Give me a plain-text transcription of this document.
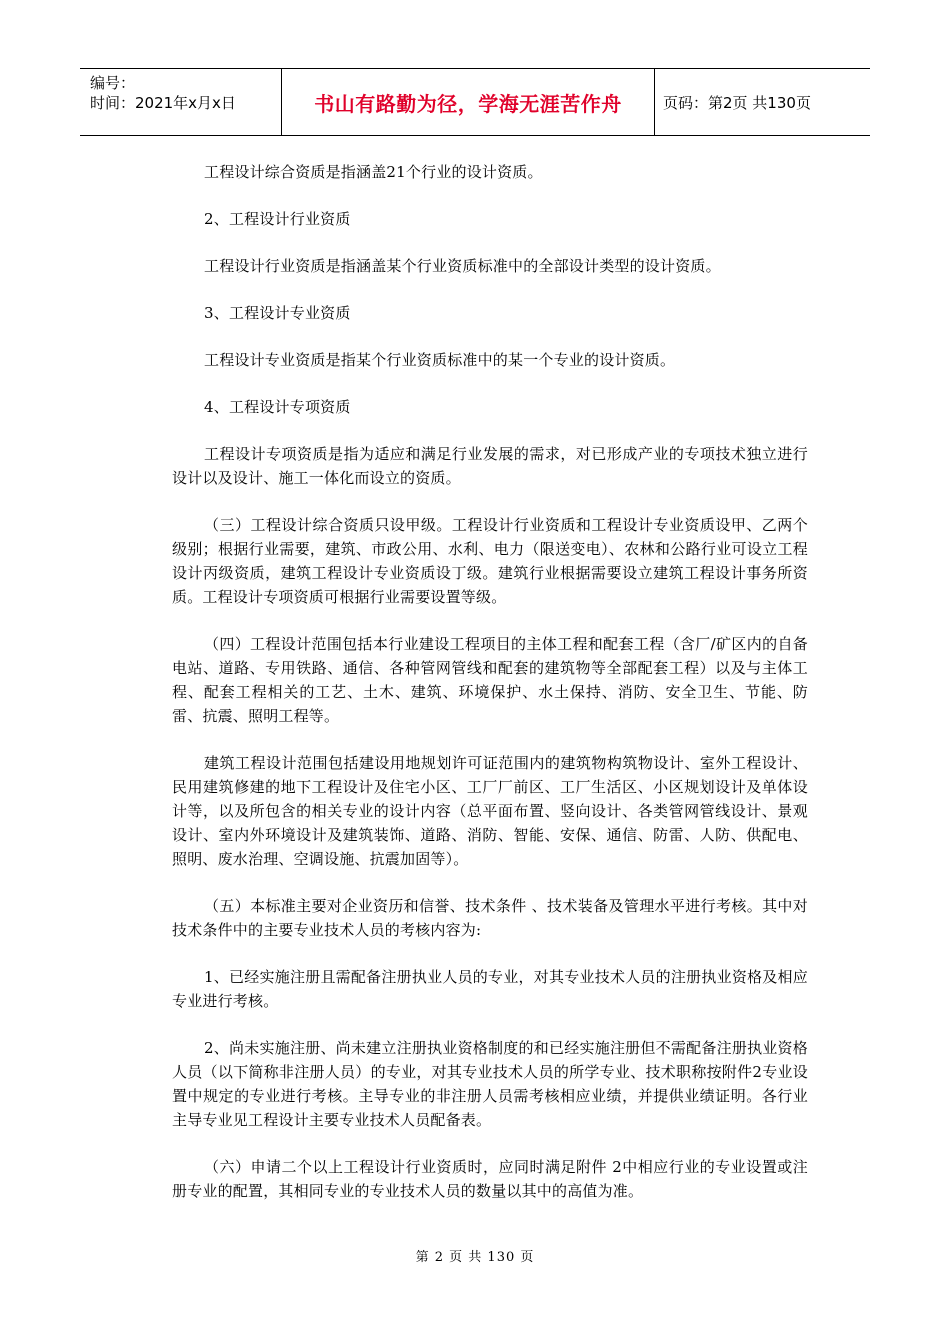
编号：
时间：2021年x月x日	书山有路勤为径，学海无涯苦作舟	页码：第2页 共130页

工程设计综合资质是指涵盖21个行业的设计资质。

2、工程设计行业资质

工程设计行业资质是指涵盖某个行业资质标准中的全部设计类型的设计资质。

3、工程设计专业资质

工程设计专业资质是指某个行业资质标准中的某一个专业的设计资质。

4、工程设计专项资质

工程设计专项资质是指为适应和满足行业发展的需求，对已形成产业的专项技术独立进行设计以及设计、施工一体化而设立的资质。

（三）工程设计综合资质只设甲级。工程设计行业资质和工程设计专业资质设甲、乙两个级别；根据行业需要，建筑、市政公用、水利、电力（限送变电）、农林和公路行业可设立工程设计丙级资质，建筑工程设计专业资质设丁级。建筑行业根据需要设立建筑工程设计事务所资质。工程设计专项资质可根据行业需要设置等级。

（四）工程设计范围包括本行业建设工程项目的主体工程和配套工程（含厂/矿区内的自备电站、道路、专用铁路、通信、各种管网管线和配套的建筑物等全部配套工程）以及与主体工程、配套工程相关的工艺、土木、建筑、环境保护、水土保持、消防、安全卫生、节能、防雷、抗震、照明工程等。

建筑工程设计范围包括建设用地规划许可证范围内的建筑物构筑物设计、室外工程设计、民用建筑修建的地下工程设计及住宅小区、工厂厂前区、工厂生活区、小区规划设计及单体设计等，以及所包含的相关专业的设计内容（总平面布置、竖向设计、各类管网管线设计、景观设计、室内外环境设计及建筑装饰、道路、消防、智能、安保、通信、防雷、人防、供配电、照明、废水治理、空调设施、抗震加固等）。

（五）本标准主要对企业资历和信誉、技术条件 、技术装备及管理水平进行考核。其中对技术条件中的主要专业技术人员的考核内容为:

1、已经实施注册且需配备注册执业人员的专业，对其专业技术人员的注册执业资格及相应专业进行考核。

2、尚未实施注册、尚未建立注册执业资格制度的和已经实施注册但不需配备注册执业资格人员（以下简称非注册人员）的专业，对其专业技术人员的所学专业、技术职称按附件2专业设置中规定的专业进行考核。主导专业的非注册人员需考核相应业绩，并提供业绩证明。各行业主导专业见工程设计主要专业技术人员配备表。

（六）申请二个以上工程设计行业资质时，应同时满足附件 2中相应行业的专业设置或注册专业的配置，其相同专业的专业技术人员的数量以其中的高值为准。

第 2 页 共 130 页
